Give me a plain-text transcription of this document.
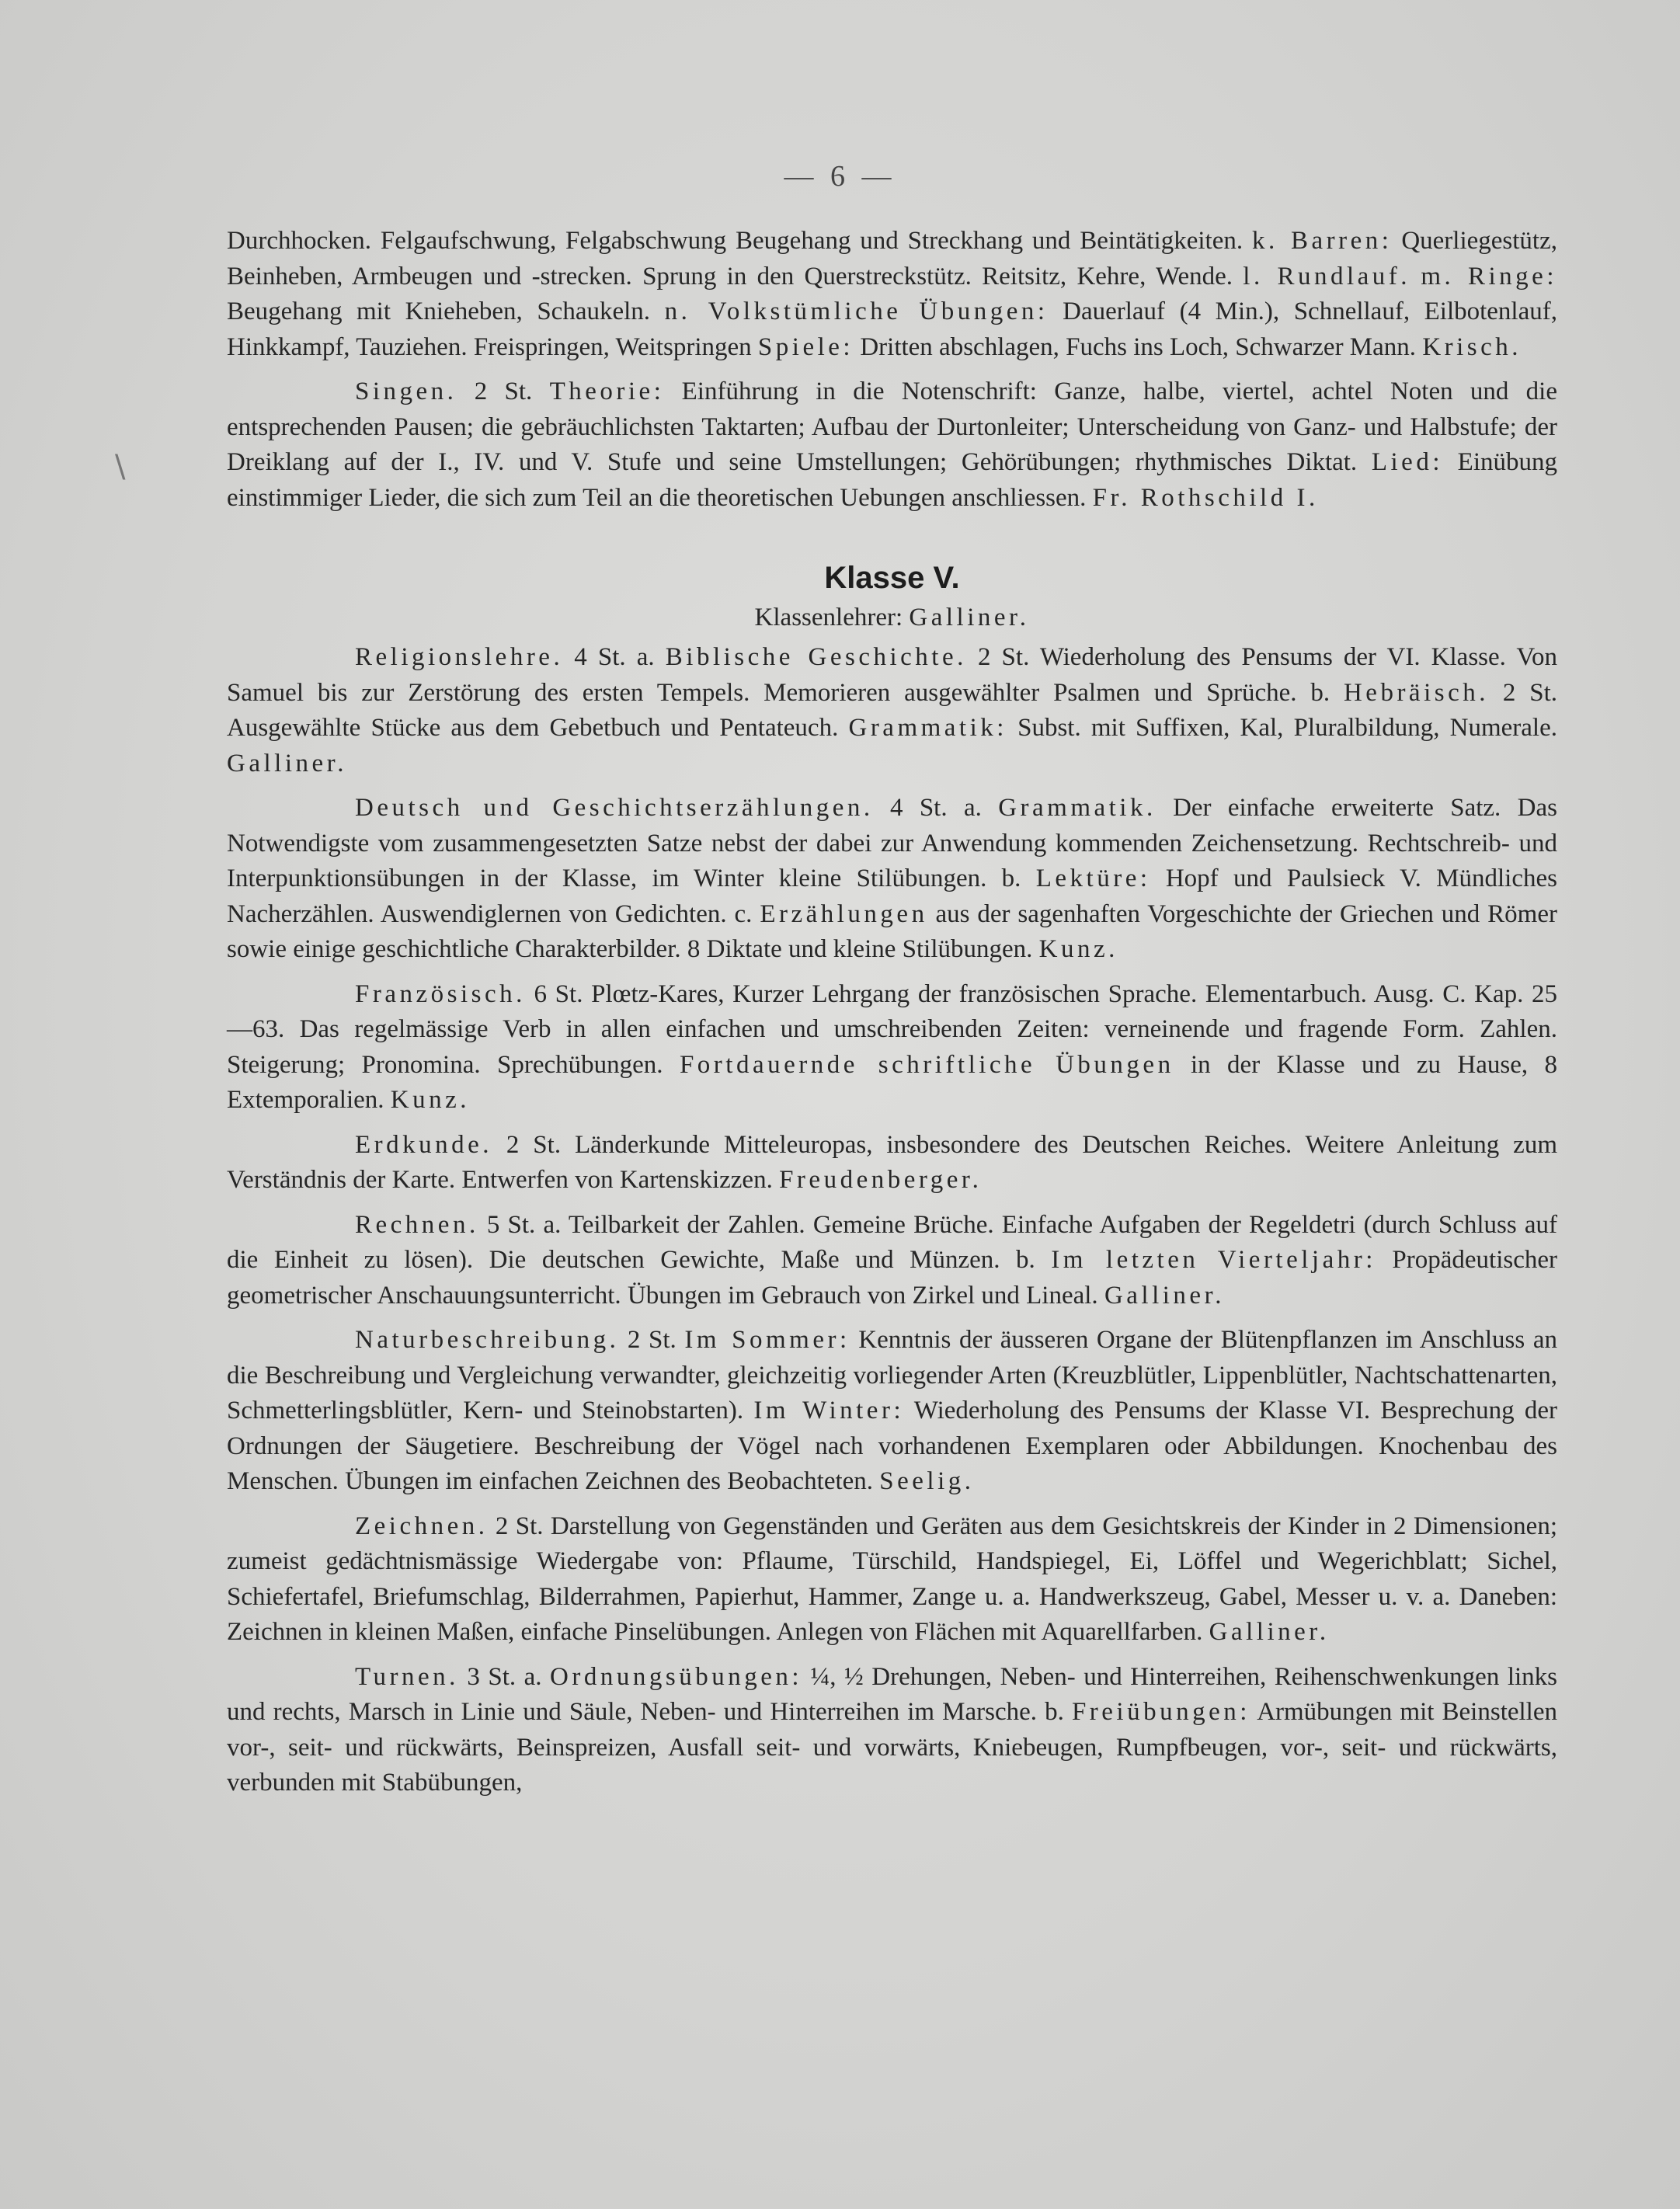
— 6 —
\

Durchhocken. Felgaufschwung, Felgabschwung Beugehang und Streckhang und Beintätigkeiten. k. Barren: Querliegestütz, Beinheben, Armbeugen und -strecken. Sprung in den Querstreckstütz. Reitsitz, Kehre, Wende. l. Rundlauf. m. Ringe: Beugehang mit Knieheben, Schaukeln. n. Volkstümliche Übungen: Dauerlauf (4 Min.), Schnellauf, Eilbotenlauf, Hinkkampf, Tauziehen. Freispringen, Weitspringen Spiele: Dritten abschlagen, Fuchs ins Loch, Schwarzer Mann. Krisch.

Singen. 2 St. Theorie: Einführung in die Notenschrift: Ganze, halbe, viertel, achtel Noten und die entsprechenden Pausen; die gebräuchlichsten Taktarten; Aufbau der Durtonleiter; Unterscheidung von Ganz- und Halbstufe; der Dreiklang auf der I., IV. und V. Stufe und seine Umstellungen; Gehörübungen; rhythmisches Diktat. Lied: Einübung einstimmiger Lieder, die sich zum Teil an die theoretischen Uebungen anschliessen. Fr. Rothschild I.

Klasse V.
Klassenlehrer: Galliner.

Religionslehre. 4 St. a. Biblische Geschichte. 2 St. Wiederholung des Pensums der VI. Klasse. Von Samuel bis zur Zerstörung des ersten Tempels. Memorieren ausgewählter Psalmen und Sprüche. b. Hebräisch. 2 St. Ausgewählte Stücke aus dem Gebetbuch und Pentateuch. Grammatik: Subst. mit Suffixen, Kal, Pluralbildung, Numerale. Galliner.

Deutsch und Geschichtserzählungen. 4 St. a. Grammatik. Der einfache erweiterte Satz. Das Notwendigste vom zusammengesetzten Satze nebst der dabei zur Anwendung kommenden Zeichensetzung. Rechtschreib- und Interpunktionsübungen in der Klasse, im Winter kleine Stilübungen. b. Lektüre: Hopf und Paulsieck V. Mündliches Nacherzählen. Auswendiglernen von Gedichten. c. Erzählungen aus der sagenhaften Vorgeschichte der Griechen und Römer sowie einige geschichtliche Charakterbilder. 8 Diktate und kleine Stilübungen. Kunz.

Französisch. 6 St. Plœtz-Kares, Kurzer Lehrgang der französischen Sprache. Elementarbuch. Ausg. C. Kap. 25—63. Das regelmässige Verb in allen einfachen und umschreibenden Zeiten: verneinende und fragende Form. Zahlen. Steigerung; Pronomina. Sprechübungen. Fortdauernde schriftliche Übungen in der Klasse und zu Hause, 8 Extemporalien. Kunz.

Erdkunde. 2 St. Länderkunde Mitteleuropas, insbesondere des Deutschen Reiches. Weitere Anleitung zum Verständnis der Karte. Entwerfen von Kartenskizzen. Freudenberger.

Rechnen. 5 St. a. Teilbarkeit der Zahlen. Gemeine Brüche. Einfache Aufgaben der Regeldetri (durch Schluss auf die Einheit zu lösen). Die deutschen Gewichte, Maße und Münzen. b. Im letzten Vierteljahr: Propädeutischer geometrischer Anschauungsunterricht. Übungen im Gebrauch von Zirkel und Lineal. Galliner.

Naturbeschreibung. 2 St. Im Sommer: Kenntnis der äusseren Organe der Blütenpflanzen im Anschluss an die Beschreibung und Vergleichung verwandter, gleichzeitig vorliegender Arten (Kreuzblütler, Lippenblütler, Nachtschattenarten, Schmetterlingsblütler, Kern- und Steinobstarten). Im Winter: Wiederholung des Pensums der Klasse VI. Besprechung der Ordnungen der Säugetiere. Beschreibung der Vögel nach vorhandenen Exemplaren oder Abbildungen. Knochenbau des Menschen. Übungen im einfachen Zeichnen des Beobachteten. Seelig.

Zeichnen. 2 St. Darstellung von Gegenständen und Geräten aus dem Gesichtskreis der Kinder in 2 Dimensionen; zumeist gedächtnismässige Wiedergabe von: Pflaume, Türschild, Handspiegel, Ei, Löffel und Wegerichblatt; Sichel, Schiefertafel, Briefumschlag, Bilderrahmen, Papierhut, Hammer, Zange u. a. Handwerkszeug, Gabel, Messer u. v. a. Daneben: Zeichnen in kleinen Maßen, einfache Pinselübungen. Anlegen von Flächen mit Aquarellfarben. Galliner.

Turnen. 3 St. a. Ordnungsübungen: ¼, ½ Drehungen, Neben- und Hinterreihen, Reihenschwenkungen links und rechts, Marsch in Linie und Säule, Neben- und Hinterreihen im Marsche. b. Freiübungen: Armübungen mit Beinstellen vor-, seit- und rückwärts, Beinspreizen, Ausfall seit- und vorwärts, Kniebeugen, Rumpfbeugen, vor-, seit- und rückwärts, verbunden mit Stabübungen,
